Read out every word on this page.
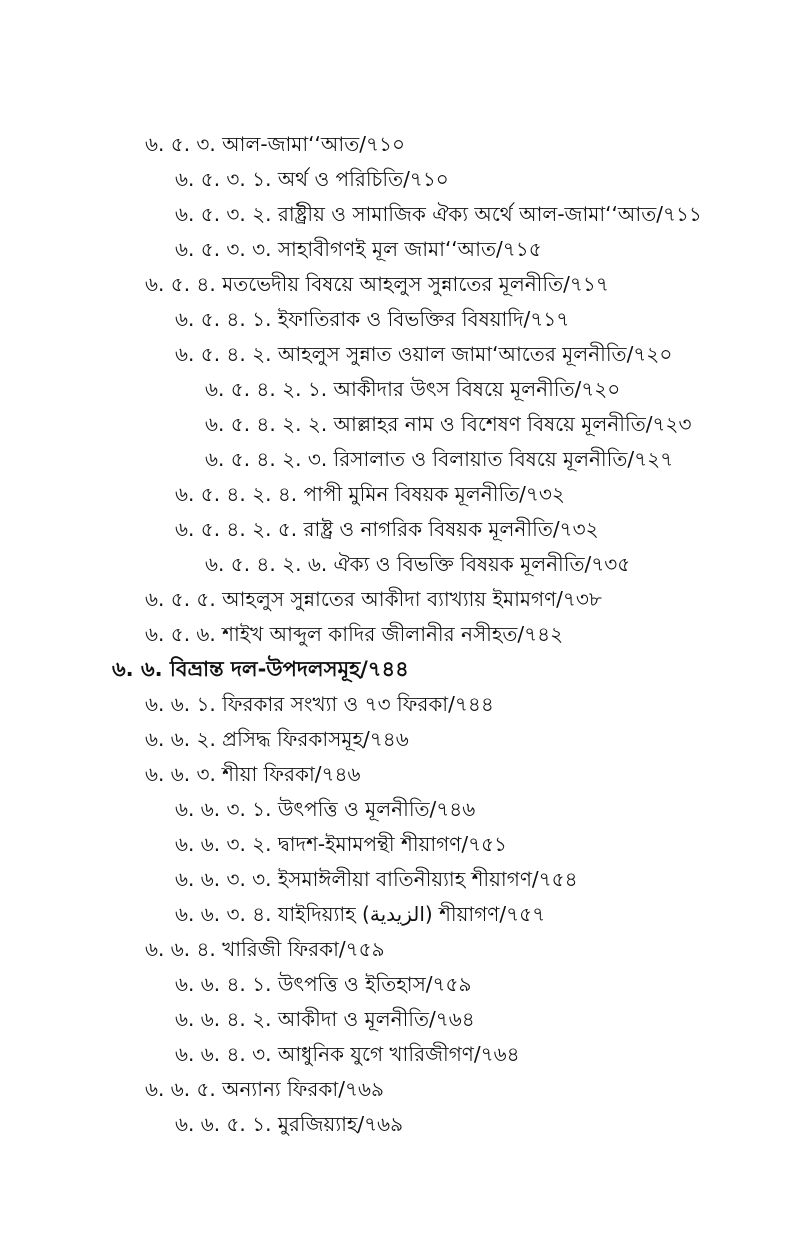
৬. ৫. ৩. আল-জামা‘‘আত/৭১০
৬. ৫. ৩. ১. অর্থ ও পরিচিতি/৭১০
৬. ৫. ৩. ২. রাষ্ট্রীয় ও সামাজিক ঐক্য অর্থে আল-জামা‘‘আত/৭১১
৬. ৫. ৩. ৩. সাহাবীগণই মূল জামা‘‘আত/৭১৫
৬. ৫. ৪. মতভেদীয় বিষয়ে আহলুস সুন্নাতের মূলনীতি/৭১৭
৬. ৫. ৪. ১. ইফাতিরাক ও বিভক্তির বিষয়াদি/৭১৭
৬. ৫. ৪. ২. আহলুস সুন্নাত ওয়াল জামা‘আতের মূলনীতি/৭২০
৬. ৫. ৪. ২. ১. আকীদার উৎস বিষয়ে মূলনীতি/৭২০
৬. ৫. ৪. ২. ২. আল্লাহর নাম ও বিশেষণ বিষয়ে মূলনীতি/৭২৩
৬. ৫. ৪. ২. ৩. রিসালাত ও বিলায়াত বিষয়ে মূলনীতি/৭২৭
৬. ৫. ৪. ২. ৪. পাপী মুমিন বিষয়ক মূলনীতি/৭৩২
৬. ৫. ৪. ২. ৫. রাষ্ট্র ও নাগরিক বিষয়ক মূলনীতি/৭৩২
৬. ৫. ৪. ২. ৬. ঐক্য ও বিভক্তি বিষয়ক মূলনীতি/৭৩৫
৬. ৫. ৫. আহলুস সুন্নাতের আকীদা ব্যাখ্যায় ইমামগণ/৭৩৮
৬. ৫. ৬. শাইখ আব্দুল কাদির জীলানীর নসীহত/৭৪২
৬. ৬. বিভ্রান্ত দল-উপদলসমূহ/৭৪৪
৬. ৬. ১. ফিরকার সংখ্যা ও ৭৩ ফিরকা/৭৪৪
৬. ৬. ২. প্রসিদ্ধ ফিরকাসমূহ/৭৪৬
৬. ৬. ৩. শীয়া ফিরকা/৭৪৬
৬. ৬. ৩. ১. উৎপত্তি ও মূলনীতি/৭৪৬
৬. ৬. ৩. ২. দ্বাদশ-ইমামপন্থী শীয়াগণ/৭৫১
৬. ৬. ৩. ৩. ইসমাঈলীয়া বাতিনীয়্যাহ শীয়াগণ/৭৫৪
৬. ৬. ৩. ৪. যাইদিয়্যাহ (الزيدية) শীয়াগণ/৭৫৭
৬. ৬. ৪. খারিজী ফিরকা/৭৫৯
৬. ৬. ৪. ১. উৎপত্তি ও ইতিহাস/৭৫৯
৬. ৬. ৪. ২. আকীদা ও মূলনীতি/৭৬৪
৬. ৬. ৪. ৩. আধুনিক যুগে খারিজীগণ/৭৬৪
৬. ৬. ৫. অন্যান্য ফিরকা/৭৬৯
৬. ৬. ৫. ১. মুরজিয়্যাহ/৭৬৯
